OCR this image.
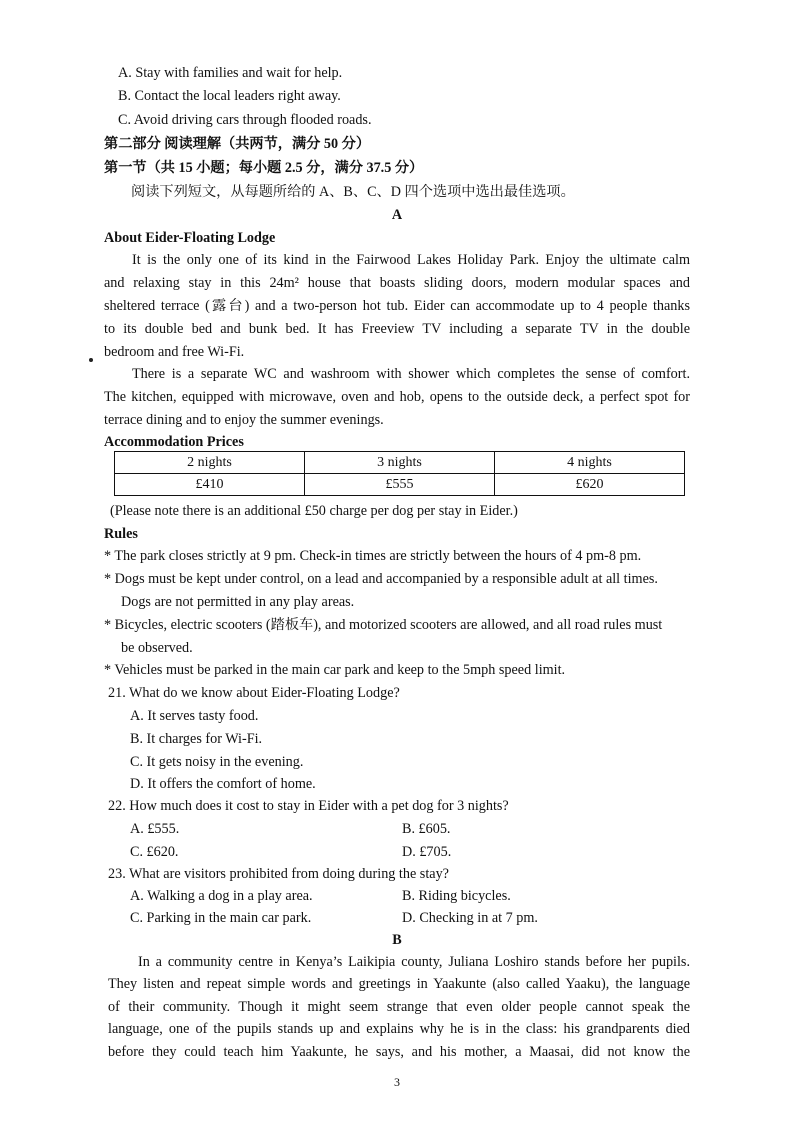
A. Stay with families and wait for help.
B. Contact the local leaders right away.
C. Avoid driving cars through flooded roads.
第二部分 阅读理解（共两节，满分 50 分）
第一节（共 15 小题；每小题 2.5 分，满分 37.5 分）
阅读下列短文，从每题所给的 A、B、C、D 四个选项中选出最佳选项。
A
About Eider-Floating Lodge
It is the only one of its kind in the Fairwood Lakes Holiday Park. Enjoy the ultimate calm
and relaxing stay in this 24m² house that boasts sliding doors, modern modular spaces and
sheltered terrace (露台) and a two-person hot tub. Eider can accommodate up to 4 people thanks
to its double bed and bunk bed. It has Freeview TV including a separate TV in the double
bedroom and free Wi-Fi.
There is a separate WC and washroom with shower which completes the sense of comfort.
The kitchen, equipped with microwave, oven and hob, opens to the outside deck, a perfect spot for
terrace dining and to enjoy the summer evenings.
Accommodation Prices
2 nights	3 nights	4 nights
£410	£555	£620
(Please note there is an additional £50 charge per dog per stay in Eider.)
Rules
* The park closes strictly at 9 pm. Check-in times are strictly between the hours of 4 pm-8 pm.
* Dogs must be kept under control, on a lead and accompanied by a responsible adult at all times.
Dogs are not permitted in any play areas.
* Bicycles, electric scooters (踏板车), and motorized scooters are allowed, and all road rules must
be observed.
* Vehicles must be parked in the main car park and keep to the 5mph speed limit.
21. What do we know about Eider-Floating Lodge?
A. It serves tasty food.
B. It charges for Wi-Fi.
C. It gets noisy in the evening.
D. It offers the comfort of home.
22. How much does it cost to stay in Eider with a pet dog for 3 nights?
A. £555.	B. £605.
C. £620.	D. £705.
23. What are visitors prohibited from doing during the stay?
A. Walking a dog in a play area.	B. Riding bicycles.
C. Parking in the main car park.	D. Checking in at 7 pm.
B
In a community centre in Kenya’s Laikipia county, Juliana Loshiro stands before her pupils.
They listen and repeat simple words and greetings in Yaakunte (also called Yaaku), the language
of their community. Though it might seem strange that even older people cannot speak the
language, one of the pupils stands up and explains why he is in the class: his grandparents died
before they could teach him Yaakunte, he says, and his mother, a Maasai, did not know the
3
